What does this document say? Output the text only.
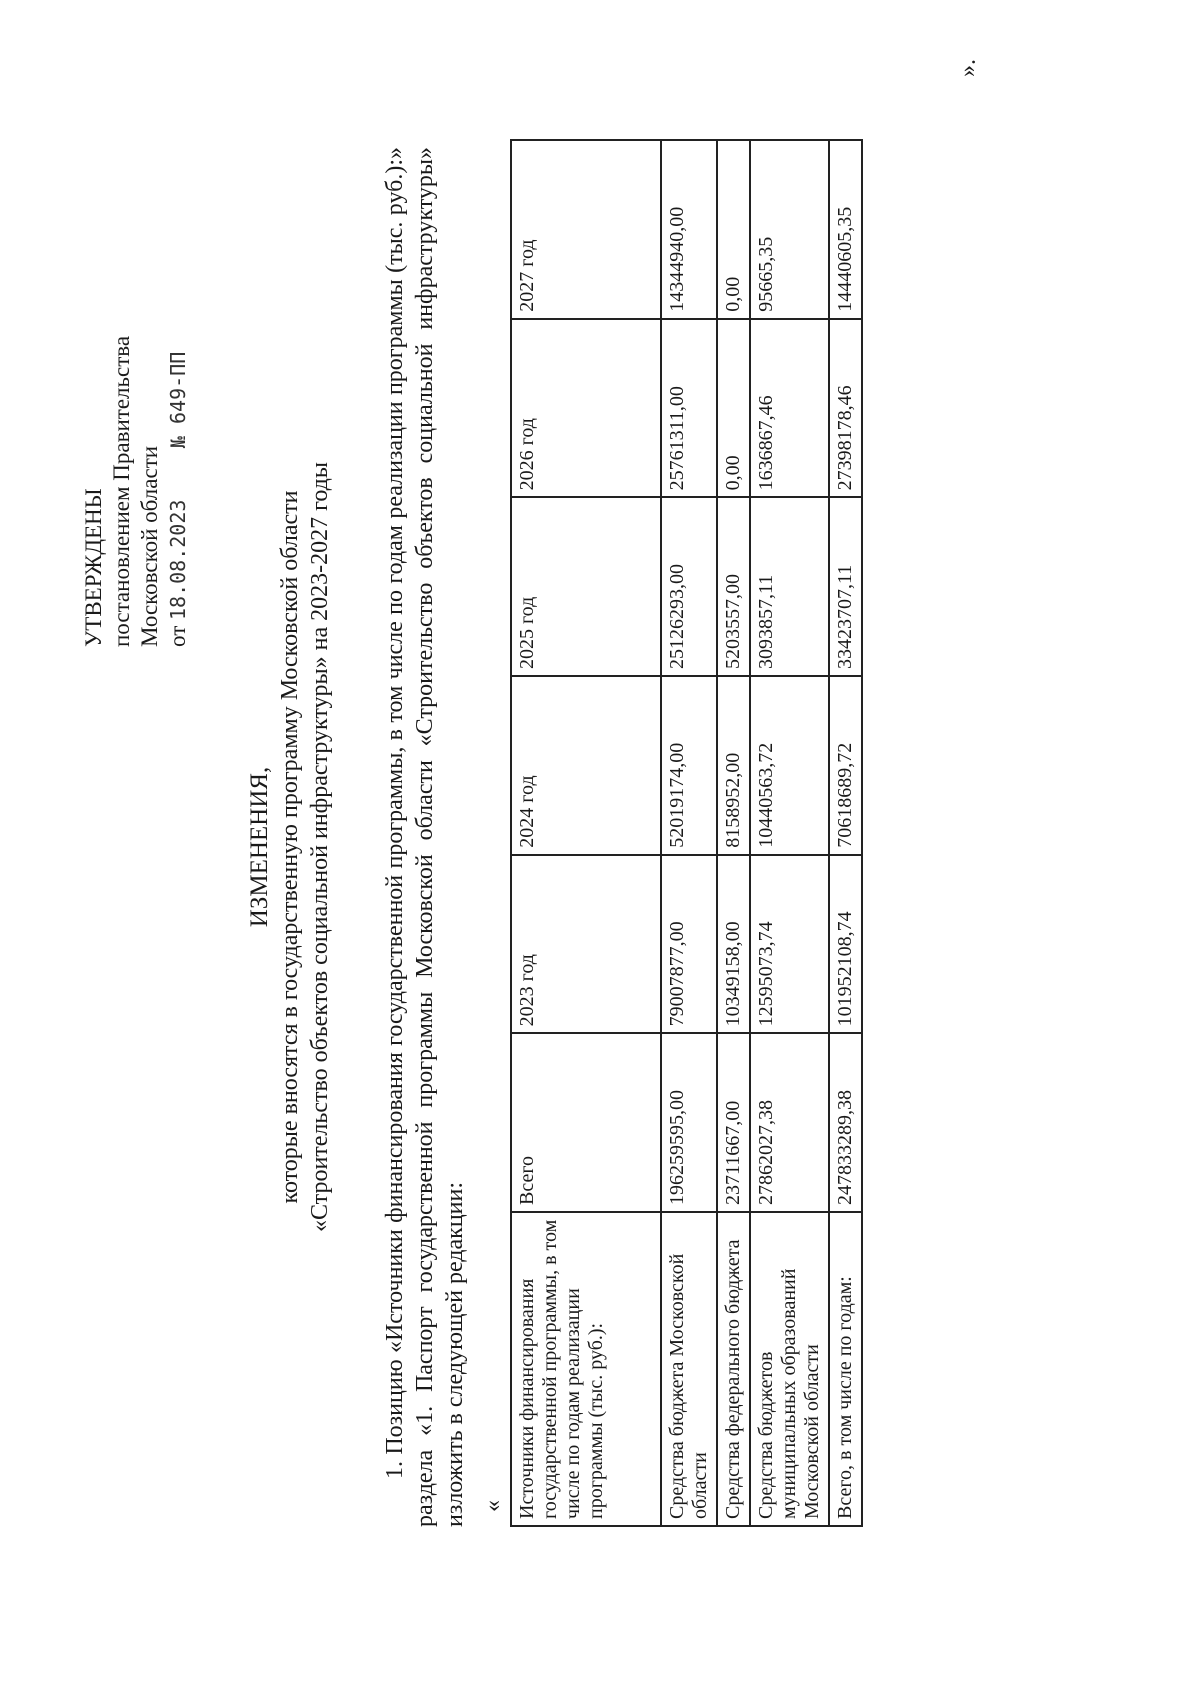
УТВЕРЖДЕНЫ постановлением Правительства Московской области от 18.08.2023  № 649-ПП
ИЗМЕНЕНИЯ, которые вносятся в государственную программу Московской области «Строительство объектов социальной инфраструктуры» на 2023-2027 годы 1. Позицию «Источники финансирования государственной программы, в том числе по годам реализации программы (тыс. руб.):» раздела «1. Паспорт государственной программы Московской области «Строительство объектов социальной инфраструктуры» изложить в следующей редакции: « Источники финансирования государственной программы, в том числе по годам реализации программы (тыс. руб.):	Всего	2023 год	2024 год	2025 год	2026 год	2027 год
Средства бюджета Московской области	196259595,00	79007877,00	52019174,00	25126293,00	25761311,00	14344940,00
Средства федерального бюджета	23711667,00	10349158,00	8158952,00	5203557,00	0,00	0,00
Средства бюджетов муниципальных образований Московской области	27862027,38	12595073,74	10440563,72	3093857,11	1636867,46	95665,35
Всего, в том числе по годам:	247833289,38	101952108,74	70618689,72	33423707,11	27398178,46	14440605,35
».
